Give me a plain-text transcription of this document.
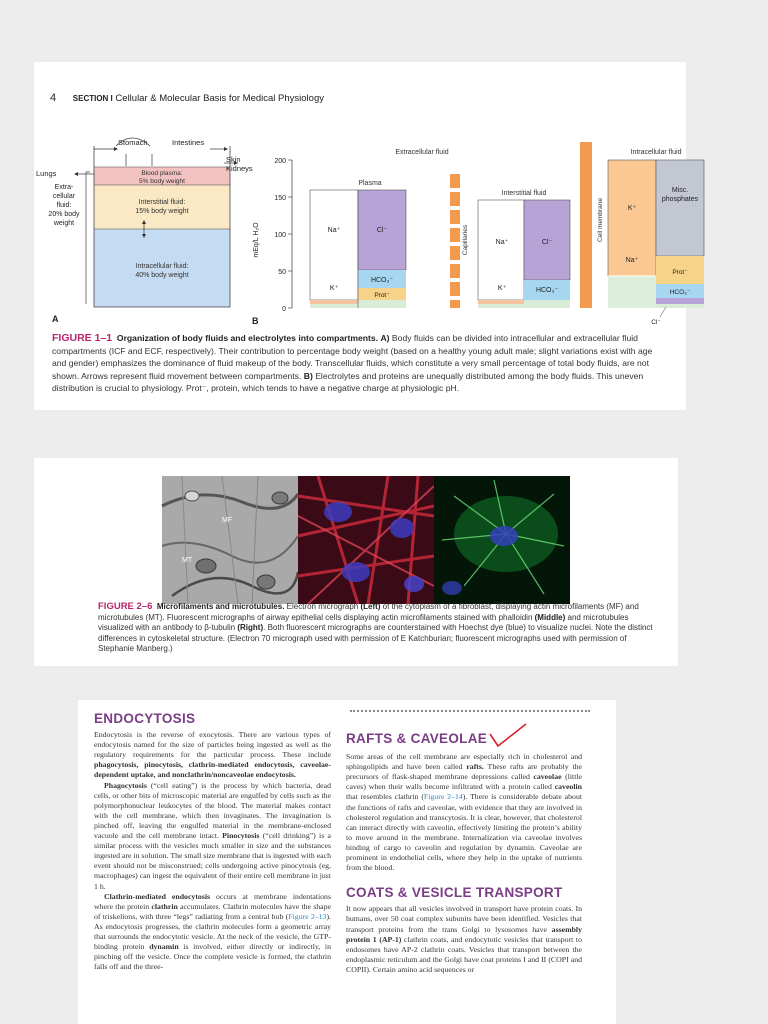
4 SECTION I Cellular & Molecular Basis for Medical Physiology
Stomach	Intestines
Skin
Kidneys
Lungs
Extra-
cellular
fluid:
20% body
weight
Blood plasma:
5% body weight
Interstitial fluid:
15% body weight
Intracellular fluid:
40% body weight
A
mEq/L H₂O
200
150
100
50
0
Extracellular fluid	Intracellular fluid
Plasma
Na⁺	Cl⁻
K⁺
HCO₃⁻
Prot⁻
Capillaries
Interstitial fluid
Na⁺	Cl⁻
K⁺	HCO₃⁻
Cell membrane	K⁺
Na⁺
Misc.
phosphates
Prot⁻
HCO₃⁻
Cl⁻
B
FIGURE 1–1 Organization of body fluids and electrolytes into compartments. A) Body fluids can be divided into intracellular and extracellular fluid compartments (ICF and ECF, respectively). Their contribution to percentage body weight (based on a healthy young adult male; slight variations exist with age and gender) emphasizes the dominance of fluid makeup of the body. Transcellular fluids, which constitute a very small percentage of total body fluids, are not shown. Arrows represent fluid movement between compartments. B) Electrolytes and proteins are unequally distributed among the body fluids. This uneven distribution is crucial to physiology. Prot⁻, protein, which tends to have a negative charge at physiologic pH.
MF
MT
FIGURE 2–6 Microfilaments and microtubules. Electron micrograph (Left) of the cytoplasm of a fibroblast, displaying actin microfilaments (MF) and microtubules (MT). Fluorescent micrographs of airway epithelial cells displaying actin microfilaments stained with phalloidin (Middle) and microtubules visualized with an antibody to β-tubulin (Right). Both fluorescent micrographs are counterstained with Hoechst dye (blue) to visualize nuclei. Note the distinct differences in cytoskeletal structure. (Electron 70 micrograph used with permission of E Katchburian; fluorescent micrographs used with permission of Stephanie Manberg.)
ENDOCYTOSIS

Endocytosis is the reverse of exocytosis. There are various types of endocytosis named for the size of particles being ingested as well as the regulatory requirements for the particular process. These include phagocytosis, pinocytosis, clathrin-mediated endocytosis, caveolae-dependent uptake, and nonclathrin/noncaveolae endocytosis.

Phagocytosis (“cell eating”) is the process by which bacteria, dead cells, or other bits of microscopic material are engulfed by cells such as the polymorphonuclear leukocytes of the blood. The material makes contact with the cell membrane, which then invaginates. The invagination is pinched off, leaving the engulfed material in the membrane-enclosed vacuole and the cell membrane intact. Pinocytosis (“cell drinking”) is a similar process with the vesicles much smaller in size and the substances ingested are in solution. The small size membrane that is ingested with each event should not be misconstrued; cells undergoing active pinocytosis (eg, macrophages) can ingest the equivalent of their entire cell membrane in just 1 h.

Clathrin-mediated endocytosis occurs at membrane indentations where the protein clathrin accumulates. Clathrin molecules have the shape of triskelions, with three “legs” radiating from a central hub (Figure 2–13). As endocytosis progresses, the clathrin molecules form a geometric array that surrounds the endocytotic vesicle. At the neck of the vesicle, the GTP-binding protein dynamin is involved, either directly or indirectly, in pinching off the vesicle. Once the complete vesicle is formed, the clathrin falls off and the three-

RAFTS & CAVEOLAE

Some areas of the cell membrane are especially rich in cholesterol and sphingolipids and have been called rafts. These rafts are probably the precursors of flask-shaped membrane depressions called caveolae (little caves) when their walls become infiltrated with a protein called caveolin that resembles clathrin (Figure 2–14). There is considerable debate about the functions of rafts and caveolae, with evidence that they are involved in cholesterol regulation and transcytosis. It is clear, however, that cholesterol can interact directly with caveolin, effectively limiting the protein’s ability to move around in the membrane. Internalization via caveolae involves binding of cargo to caveolin and regulation by dynamin. Caveolae are prominent in endothelial cells, where they help in the uptake of nutrients from the blood.

COATS & VESICLE TRANSPORT

It now appears that all vesicles involved in transport have protein coats. In humans, over 50 coat complex subunits have been identified. Vesicles that transport proteins from the trans Golgi to lysosomes have assembly protein 1 (AP-1) clathrin coats, and endocytotic vesicles that transport to endosomes have AP-2 clathrin coats. Vesicles that transport between the endoplasmic reticulum and the Golgi have coat proteins I and II (COPI and COPII). Certain amino acid sequences or
